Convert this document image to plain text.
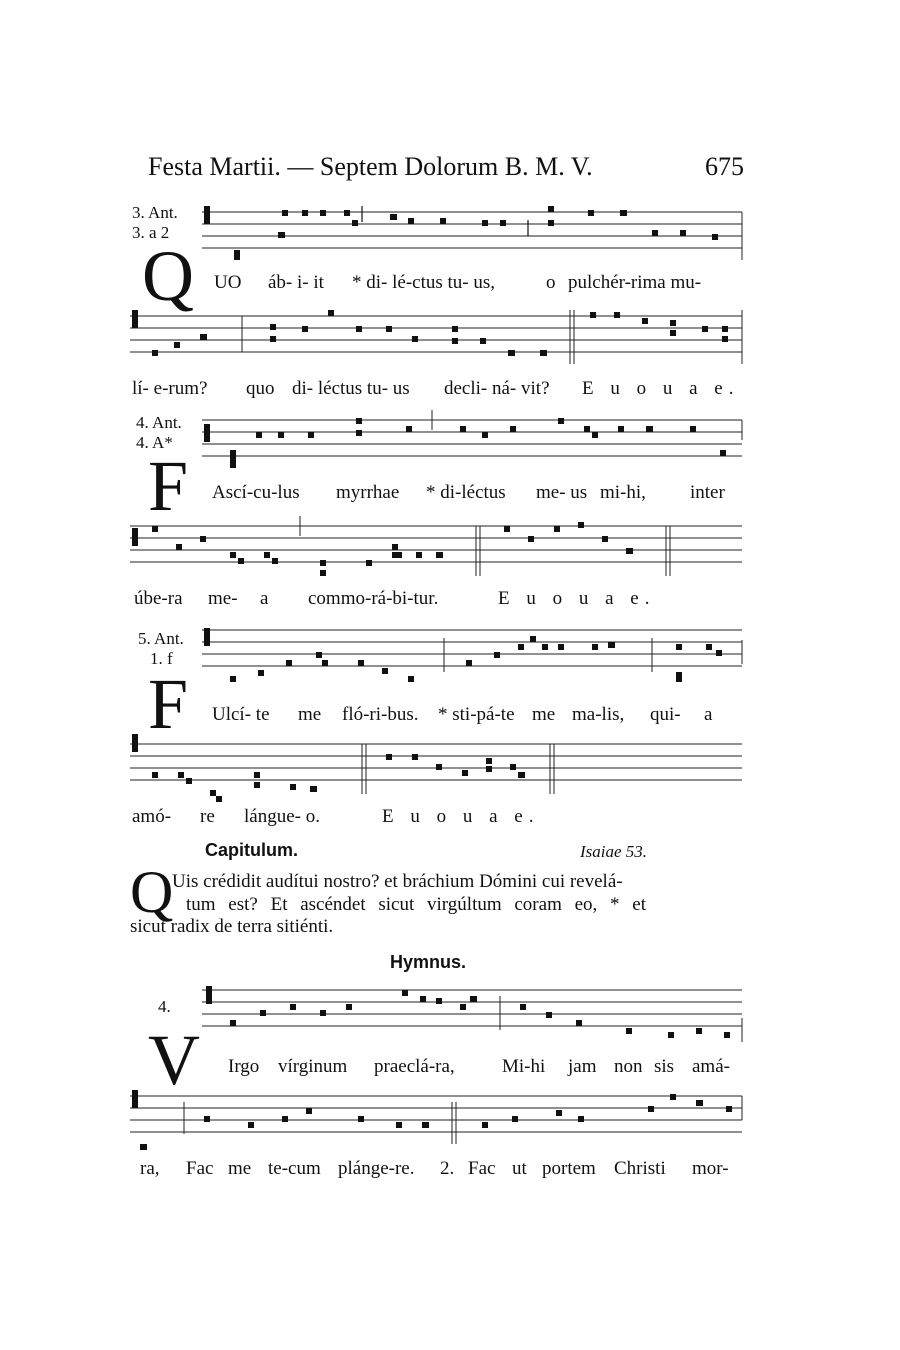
Festa Martii. — Septem Dolorum B. M. V.	675
3. Ant.
3. a 2
Q UO áb- i- it * di- lé-ctus tu- us,	o pulchér-rima mu-
lí- e-rum? quo di- léctus tu- us decli- ná- vit? E u o u a e.
4. Ant.
4. A*
F Ascí-cu-lus myrrhae * di-léctus me- us mi-hi, inter
úbe-ra me- a commo-rá-bi-tur.	E u o u a e.
5. Ant.
1. f
F Ulcí- te me fló-ri-bus. * sti-pá-te me ma-lis, qui- a
amó- re lángue- o.	E u o u a e.
Capitulum.	Isaiae 53.
Q
Uis crédidit audítui nostro? et bráchium Dómini cui revelá-
tum est? Et ascéndet sicut virgúltum coram eo, * et
sicut radix de terra sitiénti.
Hymnus.
4.
V Irgo vírginum praeclá-ra, Mi-hi jam non sis amá-
ra, Fac me te-cum plánge-re. 2. Fac ut portem Christi mor-
